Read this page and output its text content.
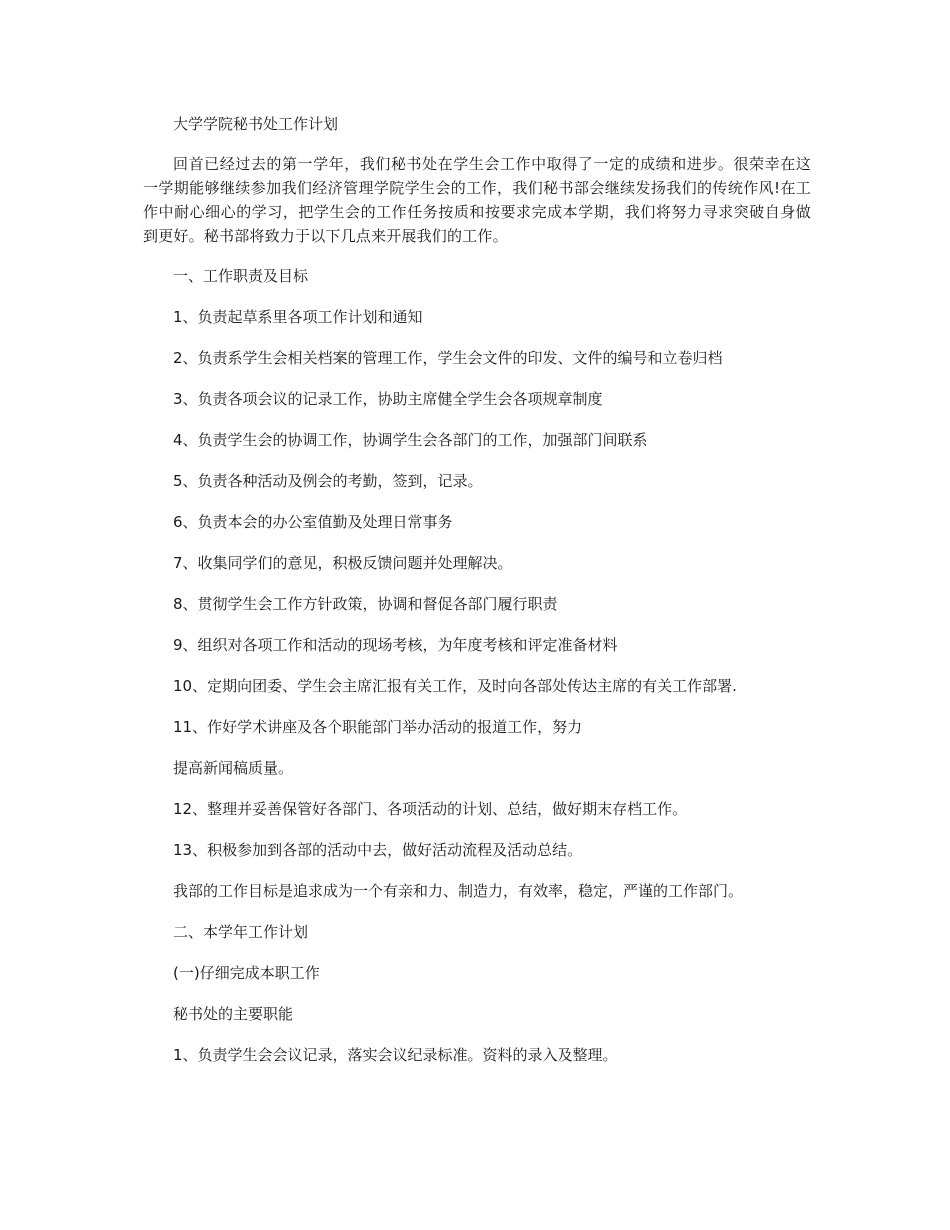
大学学院秘书处工作计划

回首已经过去的第一学年，我们秘书处在学生会工作中取得了一定的成绩和进步。很荣幸在这一学期能够继续参加我们经济管理学院学生会的工作，我们秘书部会继续发扬我们的传统作风!在工作中耐心细心的学习，把学生会的工作任务按质和按要求完成本学期，我们将努力寻求突破自身做到更好。秘书部将致力于以下几点来开展我们的工作。

一、工作职责及目标

1、负责起草系里各项工作计划和通知

2、负责系学生会相关档案的管理工作，学生会文件的印发、文件的编号和立卷归档

3、负责各项会议的记录工作，协助主席健全学生会各项规章制度

4、负责学生会的协调工作，协调学生会各部门的工作，加强部门间联系

5、负责各种活动及例会的考勤，签到，记录。

6、负责本会的办公室值勤及处理日常事务

7、收集同学们的意见，积极反馈问题并处理解决。

8、贯彻学生会工作方针政策，协调和督促各部门履行职责

9、组织对各项工作和活动的现场考核，为年度考核和评定准备材料

10、定期向团委、学生会主席汇报有关工作，及时向各部处传达主席的有关工作部署.

11、作好学术讲座及各个职能部门举办活动的报道工作，努力

提高新闻稿质量。

12、整理并妥善保管好各部门、各项活动的计划、总结，做好期末存档工作。

13、积极参加到各部的活动中去，做好活动流程及活动总结。

我部的工作目标是追求成为一个有亲和力、制造力，有效率，稳定，严谨的工作部门。

二、本学年工作计划

(一)仔细完成本职工作

秘书处的主要职能

1、负责学生会会议记录，落实会议纪录标准。资料的录入及整理。
